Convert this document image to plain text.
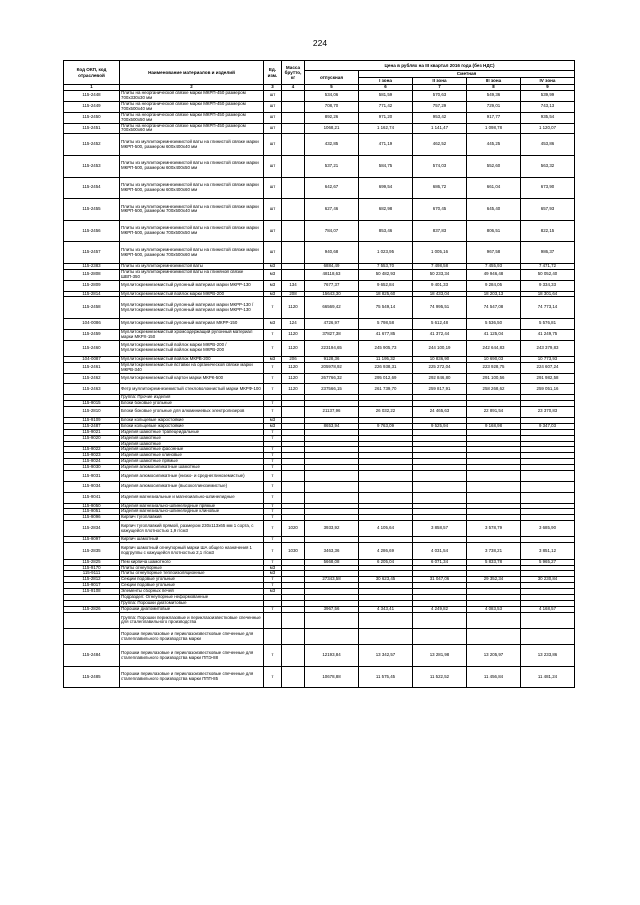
224
Код ОКП, код отраслевой	Наименование материалов и изделий	Ед. изм.	Масса брутто, кг	Цена в рублях на III квартал 2016 года (без НДС)				
				отпускная	Сметная			
					I зона	II зона	III зона	IV зона
1	2	3	4	5	6	7	8	9
115-2448	Плиты на неорганической связке марки МКРП-450 размером 700х330х30 мм	шт		534,06	581,59	570,63	549,36	539,99
115-2449	Плиты на неорганической связке марки МКРП-450 размером 700х500х40 мм	шт		708,70	771,42	757,29	729,01	743,13
115-2450	Плиты на неорганической связке марки МКРП-450 размером 700х500х50 мм	шт		892,26	971,20	953,42	917,77	935,54
115-2451	Плиты на неорганической связке марки МКРП-450 размером 700х500х60 мм	шт		1068,21	1 162,74	1 141,47	1 098,78	1 120,07
115-2452	Плиты из муллитокремнеземистой ваты на глинистой связке марки МКРП-500, размером 600х400х40 мм	шт		432,85	471,19	462,52	445,25	453,86
115-2453	Плиты из муллитокремнеземистой ваты на глинистой связке марки МКРП-500, размером 600х400х50 мм	шт		537,21	584,75	574,03	552,60	563,32
115-2454	Плиты из муллитокремнеземистой ваты на глинистой связке марки МКРП-500, размером 600х400х60 мм	шт		642,67	699,54	686,72	661,04	673,90
115-2455	Плиты из муллитокремнеземистой ваты на глинистой связке марки МКРП-500, размером 700х500х40 мм	шт		627,46	682,98	670,45	645,40	657,93
115-2456	Плиты из муллитокремнеземистой ваты на глинистой связке марки МКРП-500, размером 700х500х50 мм	шт		784,07	853,46	837,83	806,51	822,15
115-2457	Плиты из муллитокремнеземистой ваты на глинистой связке марки МКРП-500, размером 700х500х60 мм	шт		940,68	1 023,95	1 005,16	967,58	986,37
115-2383	Плиты из муллитокремнеземистой ваты	м3		6884,49	7 553,70	7 498,58	7 455,93	7 471,72
115-2808	Плиты из муллитокремнеземистой ваты на глиняной связке ШВП-350	м3		48118,63	50 482,93	50 233,34	49 946,48	50 052,40
115-2809	Муллитокремнеземистый рулонный материал марки МКРР-130	м3	134	7677,37	9 652,84	9 401,33	9 284,05	9 334,33
115-2814	Муллитокремнеземистый войлок марки МКРВ-200	м3	208	15643,30	18 825,60	18 433,04	18 203,13	18 301,64
115-2458	Муллитокремнеземистый рулонный материал марки МКРР-130 / Муллитокремнеземистый рулонный материал марки МКРР-130	т	1120	66569,42	75 549,14	74 995,51	74 547,08	74 773,14
104-0086	Муллитокремнеземистый рулонный материал МКРР-150	м3	124	4726,97	5 798,58	5 612,48	5 536,50	5 576,81
115-2459	Муллитокремнеземистый хромсодержащий рулонный материал марки МКРХ-150	т	1120	37827,38	41 677,85	41 372,44	41 125,04	41 249,75
115-2460	Муллитокремнеземистый войлок марки МКРВ-200 / Муллитокремнеземистый войлок марки МКРВ-200	т	1120	223194,65	245 905,73	244 100,19	242 644,83	243 379,83
104-0087	Муллитокремнеземистый войлок МКРВ-200	м3	206	9128,36	11 195,32	10 836,90	10 690,03	10 773,93
115-2461	Муллитокремнеземистые вставки на органической связке марки МКРВ-340	т	1120	205978,92	226 938,31	225 272,04	223 928,75	224 607,24
115-2462	Муллитокремнеземистый картон марки МКРК-500	т	1120	267766,32	295 012,69	292 846,80	291 100,56	291 982,58
115-2463	Фетр муллитокремнеземистый стекловолокнистый марки МКРФ-100	т	1120	237566,15	261 739,70	259 817,91	258 268,62	259 051,16
	Группа: Прочие изделия							
115-9015	Блоки боковые угольные	т						
115-2810	Блоки боковые угольные для алюминиевых электролизеров	т		21137,96	26 032,22	24 465,63	22 891,54	23 370,83
115-9109	Блоки кольцевые жаростойкие	м3						
115-2487	Блоки кольцевые жаростойкие	м3		8653,94	9 763,09	9 525,94	9 168,98	9 347,03
115-9021	Изделия шамотные трапецеидальные	т						
115-9020	Изделия шамотные	т						
	Изделия шамотные							
115-9022	Изделия шамотные фасонные	т						
115-9023	Изделия шамотные клиновые	т						
115-9024	Изделия шамотные прямые	т						
115-9030	Изделия алюмосиликатные шамотные	т						
115-9031	Изделия алюмосиликатные (низко- и среднеглиноземистые)	т						
115-9034	Изделия алюмосиликатные (высокоглиноземистые)	т						
115-9041	Изделия магнезиальные и магнезиально-шпинелидные	т						
115-9050	Изделия магнезиально-шпинелидные прямые	т						
115-9051	Изделия магнезиально-шпинелидные клиновые	т						
115-9096	Кирпич тугоплавкий	т						
115-2834	Кирпич тугоплавкий прямой, размером 230х113х65 мм 1 сорта, с кажущейся плотностью 1,9 г/см3	т	1020	3933,92	4 105,64	3 858,57	3 578,79	3 685,90
115-9097	Кирпич шамотный	т						
115-2835	Кирпич шамотный огнеупорный марки ША общего назначения 1 подгруппы с кажущейся плотностью 2,1 г/см3	т	1030	3463,36	4 286,69	4 031,54	3 738,21	3 851,12
115-2825	Пем кирпича шамотного	т		5668,08	6 205,04	6 071,34	5 833,78	5 965,27
115-9170	Плиты огнеупорные	м3						
115-9111	Плиты огнеупорные теплоизоляционные	м3						
115-2812	Секции подовые угольные	т		27343,58	30 623,45	31 047,06	29 352,34	30 230,84
115-9017	Секции подовые угольные	т						
115-9108	Элементы сборных печей	м3						
	Подраздел: Огнеупорные неформованные							
	Группа: Порошки диатомитовые							
115-2826	Порошки диатомитовые	т		3967,56	4 343,41	4 249,82	4 083,53	4 168,57
	Группа: Порошки периклазовые и периклазоизвестковые спеченные для сталеплавильного производства							
	Порошки периклазовые и периклазоизвестковые спеченные для сталеплавильного производства марки							
115-2484	Порошки периклазовые и периклазоизвестковые спеченные для сталеплавильного производства марки ППЭ-88	т		12193,84	13 342,57	13 281,98	13 205,97	13 233,86
115-2485	Порошки периклазовые и периклазоизвестковые спеченные для сталеплавильного производства марки ППП-85	т		10678,88	11 575,45	11 522,52	11 456,84	11 481,24
